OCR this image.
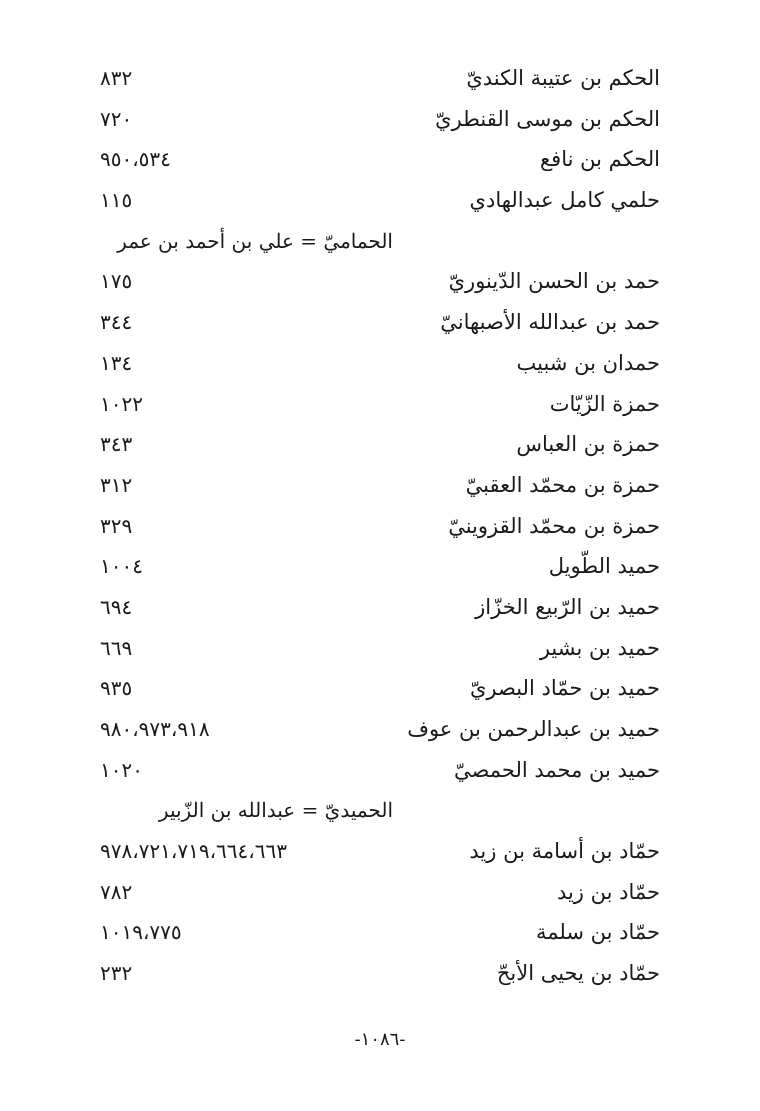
الحكم بن عتيبة الكنديّ
٨٣٢
الحكم بن موسى القنطريّ
٧٢٠
الحكم بن نافع
٩٥٠،٥٣٤
حلمي كامل عبدالهادي
١١٥
الحماميّ = علي بن أحمد بن عمر
حمد بن الحسن الدّينوريّ
١٧٥
حمد بن عبدالله الأصبهانيّ
٣٤٤
حمدان بن شبيب
١٣٤
حمزة الزّيّات
١٠٢٢
حمزة بن العباس
٣٤٣
حمزة بن محمّد العقبيّ
٣١٢
حمزة بن محمّد القزوينيّ
٣٢٩
حميد الطّويل
١٠٠٤
حميد بن الرّبيع الخزّاز
٦٩٤
حميد بن بشير
٦٦٩
حميد بن حمّاد البصريّ
٩٣٥
حميد بن عبدالرحمن بن عوف
٩٨٠،٩٧٣،٩١٨
حميد بن محمد الحمصيّ
١٠٢٠
الحميديّ = عبدالله بن الزّبير
حمّاد بن أسامة بن زيد
٩٧٨،٧٢١،٧١٩،٦٦٤،٦٦٣
حمّاد بن زيد
٧٨٢
حمّاد بن سلمة
١٠١٩،٧٧٥
حمّاد بن يحيى الأبحّ
٢٣٢
-١٠٨٦-
